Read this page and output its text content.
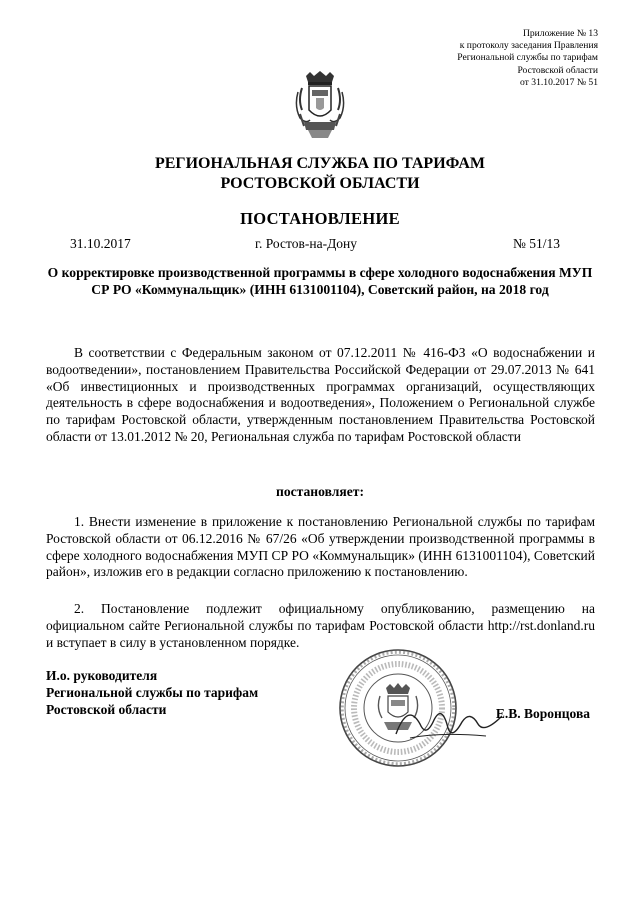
Приложение № 13
к протоколу заседания Правления
Региональной службы по тарифам
Ростовской области
от 31.10.2017 № 51
РЕГИОНАЛЬНАЯ СЛУЖБА ПО ТАРИФАМ
РОСТОВСКОЙ ОБЛАСТИ
ПОСТАНОВЛЕНИЕ
31.10.2017	г. Ростов-на-Дону	№ 51/13
О корректировке производственной программы в сфере холодного водоснабжения МУП СР РО «Коммунальщик» (ИНН 6131001104), Советский район, на 2018 год
В соответствии с Федеральным законом от 07.12.2011 № 416-ФЗ «О водоснабжении и водоотведении», постановлением Правительства Российской Федерации от 29.07.2013 № 641 «Об инвестиционных и производственных программах организаций, осуществляющих деятельность в сфере водоснабжения и водоотведения», Положением о Региональной службе по тарифам Ростовской области, утвержденным постановлением Правительства Ростовской области от 13.01.2012 № 20, Региональная служба по тарифам Ростовской области
постановляет:
1. Внести изменение в приложение к постановлению Региональной службы по тарифам Ростовской области от 06.12.2016 № 67/26 «Об утверждении производственной программы в сфере холодного водоснабжения МУП СР РО «Коммунальщик» (ИНН 6131001104), Советский район», изложив его в редакции согласно приложению к постановлению.
2. Постановление подлежит официальному опубликованию, размещению на официальном сайте Региональной службы по тарифам Ростовской области http://rst.donland.ru и вступает в силу в установленном порядке.
И.о. руководителя
Региональной службы по тарифам
Ростовской области	Е.В. Воронцова
